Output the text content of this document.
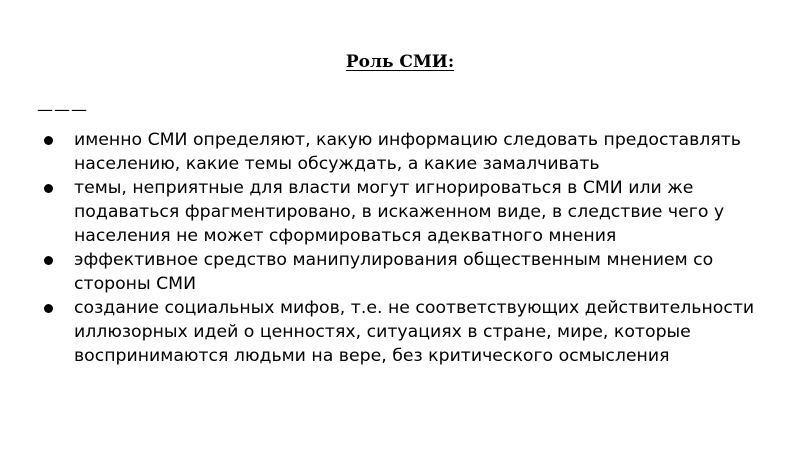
Роль СМИ:
———
именно СМИ определяют, какую информацию следовать предоставлять населению, какие темы обсуждать, а какие замалчивать
темы, неприятные для власти могут игнорироваться в СМИ или же подаваться фрагментировано, в искаженном виде, в следствие чего у населения не может сформироваться адекватного мнения
эффективное средство манипулирования общественным мнением со стороны СМИ
создание социальных мифов, т.е. не соответствующих действительности иллюзорных идей о ценностях, ситуациях в стране, мире, которые воспринимаются людьми на вере, без критического осмысления
